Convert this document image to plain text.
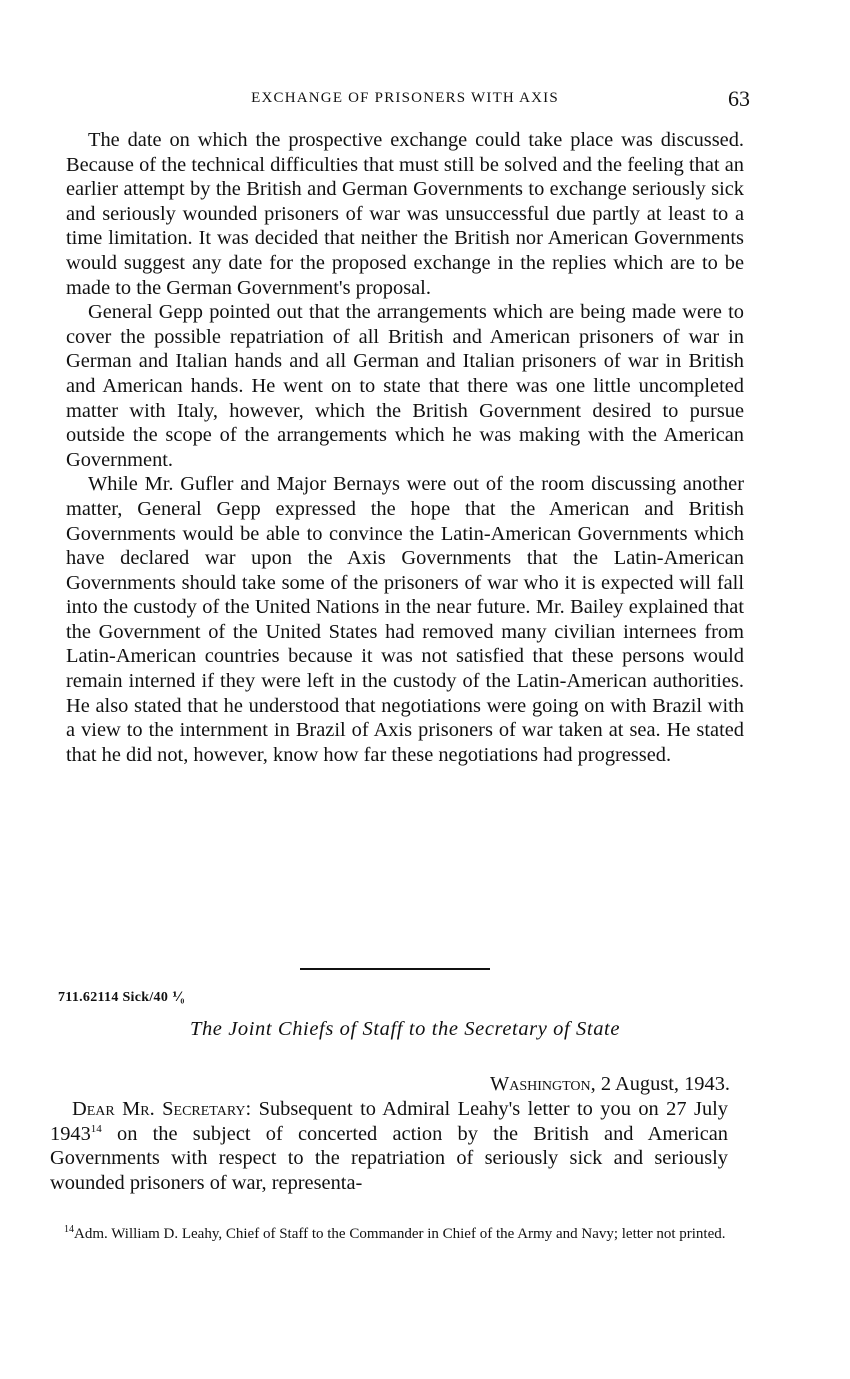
EXCHANGE OF PRISONERS WITH AXIS	63

The date on which the prospective exchange could take place was discussed. Because of the technical difficulties that must still be solved and the feeling that an earlier attempt by the British and German Governments to exchange seriously sick and seriously wounded prisoners of war was unsuccessful due partly at least to a time limitation. It was decided that neither the British nor American Governments would suggest any date for the proposed exchange in the replies which are to be made to the German Government's proposal.

General Gepp pointed out that the arrangements which are being made were to cover the possible repatriation of all British and American prisoners of war in German and Italian hands and all German and Italian prisoners of war in British and American hands. He went on to state that there was one little uncompleted matter with Italy, however, which the British Government desired to pursue outside the scope of the arrangements which he was making with the American Government.

While Mr. Gufler and Major Bernays were out of the room discussing another matter, General Gepp expressed the hope that the American and British Governments would be able to convince the Latin-American Governments which have declared war upon the Axis Governments that the Latin-American Governments should take some of the prisoners of war who it is expected will fall into the custody of the United Nations in the near future. Mr. Bailey explained that the Government of the United States had removed many civilian internees from Latin-American countries because it was not satisfied that these persons would remain interned if they were left in the custody of the Latin-American authorities. He also stated that he understood that negotiations were going on with Brazil with a view to the internment in Brazil of Axis prisoners of war taken at sea. He stated that he did not, however, know how far these negotiations had progressed.

711.62114 Sick/40 ⅟₀
The Joint Chiefs of Staff to the Secretary of State
Washington, 2 August, 1943.

Dear Mr. Secretary: Subsequent to Admiral Leahy's letter to you on 27 July 1943$^{14}$ on the subject of concerted action by the British and American Governments with respect to the repatriation of seriously sick and seriously wounded prisoners of war, representa-

$^{14}$Adm. William D. Leahy, Chief of Staff to the Commander in Chief of the Army and Navy; letter not printed.
